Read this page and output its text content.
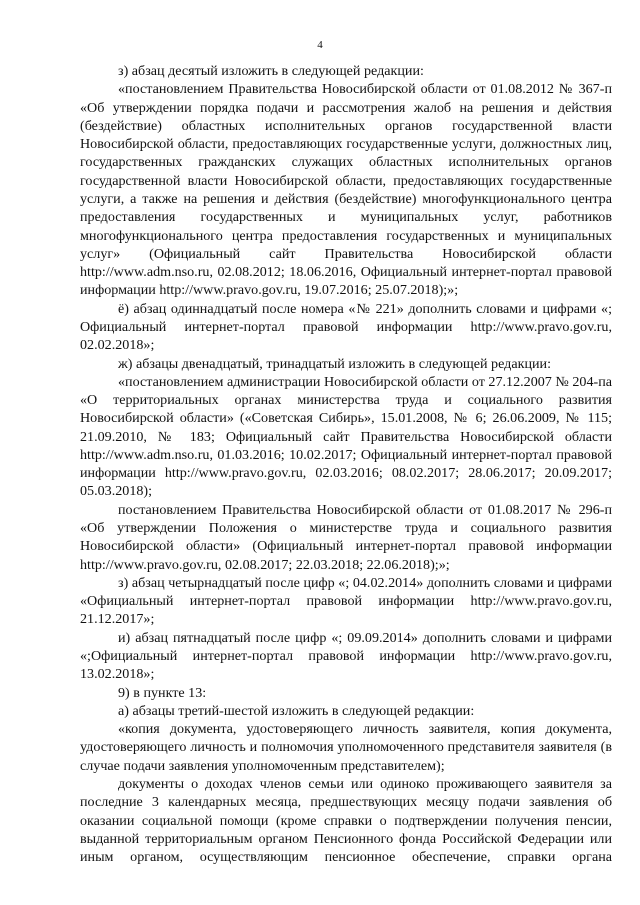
4

з) абзац десятый изложить в следующей редакции:

«постановлением Правительства Новосибирской области от 01.08.2012 № 367-п «Об утверждении порядка подачи и рассмотрения жалоб на решения и действия (бездействие) областных исполнительных органов государственной власти Новосибирской области, предоставляющих государственные услуги, должностных лиц, государственных гражданских служащих областных исполнительных органов государственной власти Новосибирской области, предоставляющих государственные услуги, а также на решения и действия (бездействие) многофункционального центра предоставления государственных и муниципальных услуг, работников многофункционального центра предоставления государственных и муниципальных услуг» (Официальный сайт Правительства Новосибирской области http://www.adm.nso.ru, 02.08.2012; 18.06.2016, Официальный интернет-портал правовой информации http://www.pravo.gov.ru, 19.07.2016; 25.07.2018);»;

ё) абзац одиннадцатый после номера «№ 221» дополнить словами и цифрами «; Официальный интернет-портал правовой информации http://www.pravo.gov.ru, 02.02.2018»;

ж) абзацы двенадцатый, тринадцатый изложить в следующей редакции:

«постановлением администрации Новосибирской области от 27.12.2007 № 204-па «О территориальных органах министерства труда и социального развития Новосибирской области» («Советская Сибирь», 15.01.2008, № 6; 26.06.2009, № 115; 21.09.2010, № 183; Официальный сайт Правительства Новосибирской области http://www.adm.nso.ru, 01.03.2016; 10.02.2017; Официальный интернет-портал правовой информации http://www.pravo.gov.ru, 02.03.2016; 08.02.2017; 28.06.2017; 20.09.2017; 05.03.2018);

постановлением Правительства Новосибирской области от 01.08.2017 № 296-п «Об утверждении Положения о министерстве труда и социального развития Новосибирской области» (Официальный интернет-портал правовой информации http://www.pravo.gov.ru, 02.08.2017; 22.03.2018; 22.06.2018);»;

з) абзац четырнадцатый после цифр «; 04.02.2014» дополнить словами и цифрами «Официальный интернет-портал правовой информации http://www.pravo.gov.ru, 21.12.2017»;

и) абзац пятнадцатый после цифр «; 09.09.2014» дополнить словами и цифрами «;Официальный интернет-портал правовой информации http://www.pravo.gov.ru, 13.02.2018»;

9) в пункте 13:

а) абзацы третий-шестой изложить в следующей редакции:

«копия документа, удостоверяющего личность заявителя, копия документа, удостоверяющего личность и полномочия уполномоченного представителя заявителя (в случае подачи заявления уполномоченным представителем);

документы о доходах членов семьи или одиноко проживающего заявителя за последние 3 календарных месяца, предшествующих месяцу подачи заявления об оказании социальной помощи (кроме справки о подтверждении получения пенсии, выданной территориальным органом Пенсионного фонда Российской Федерации или иным органом, осуществляющим пенсионное обеспечение, справки органа
